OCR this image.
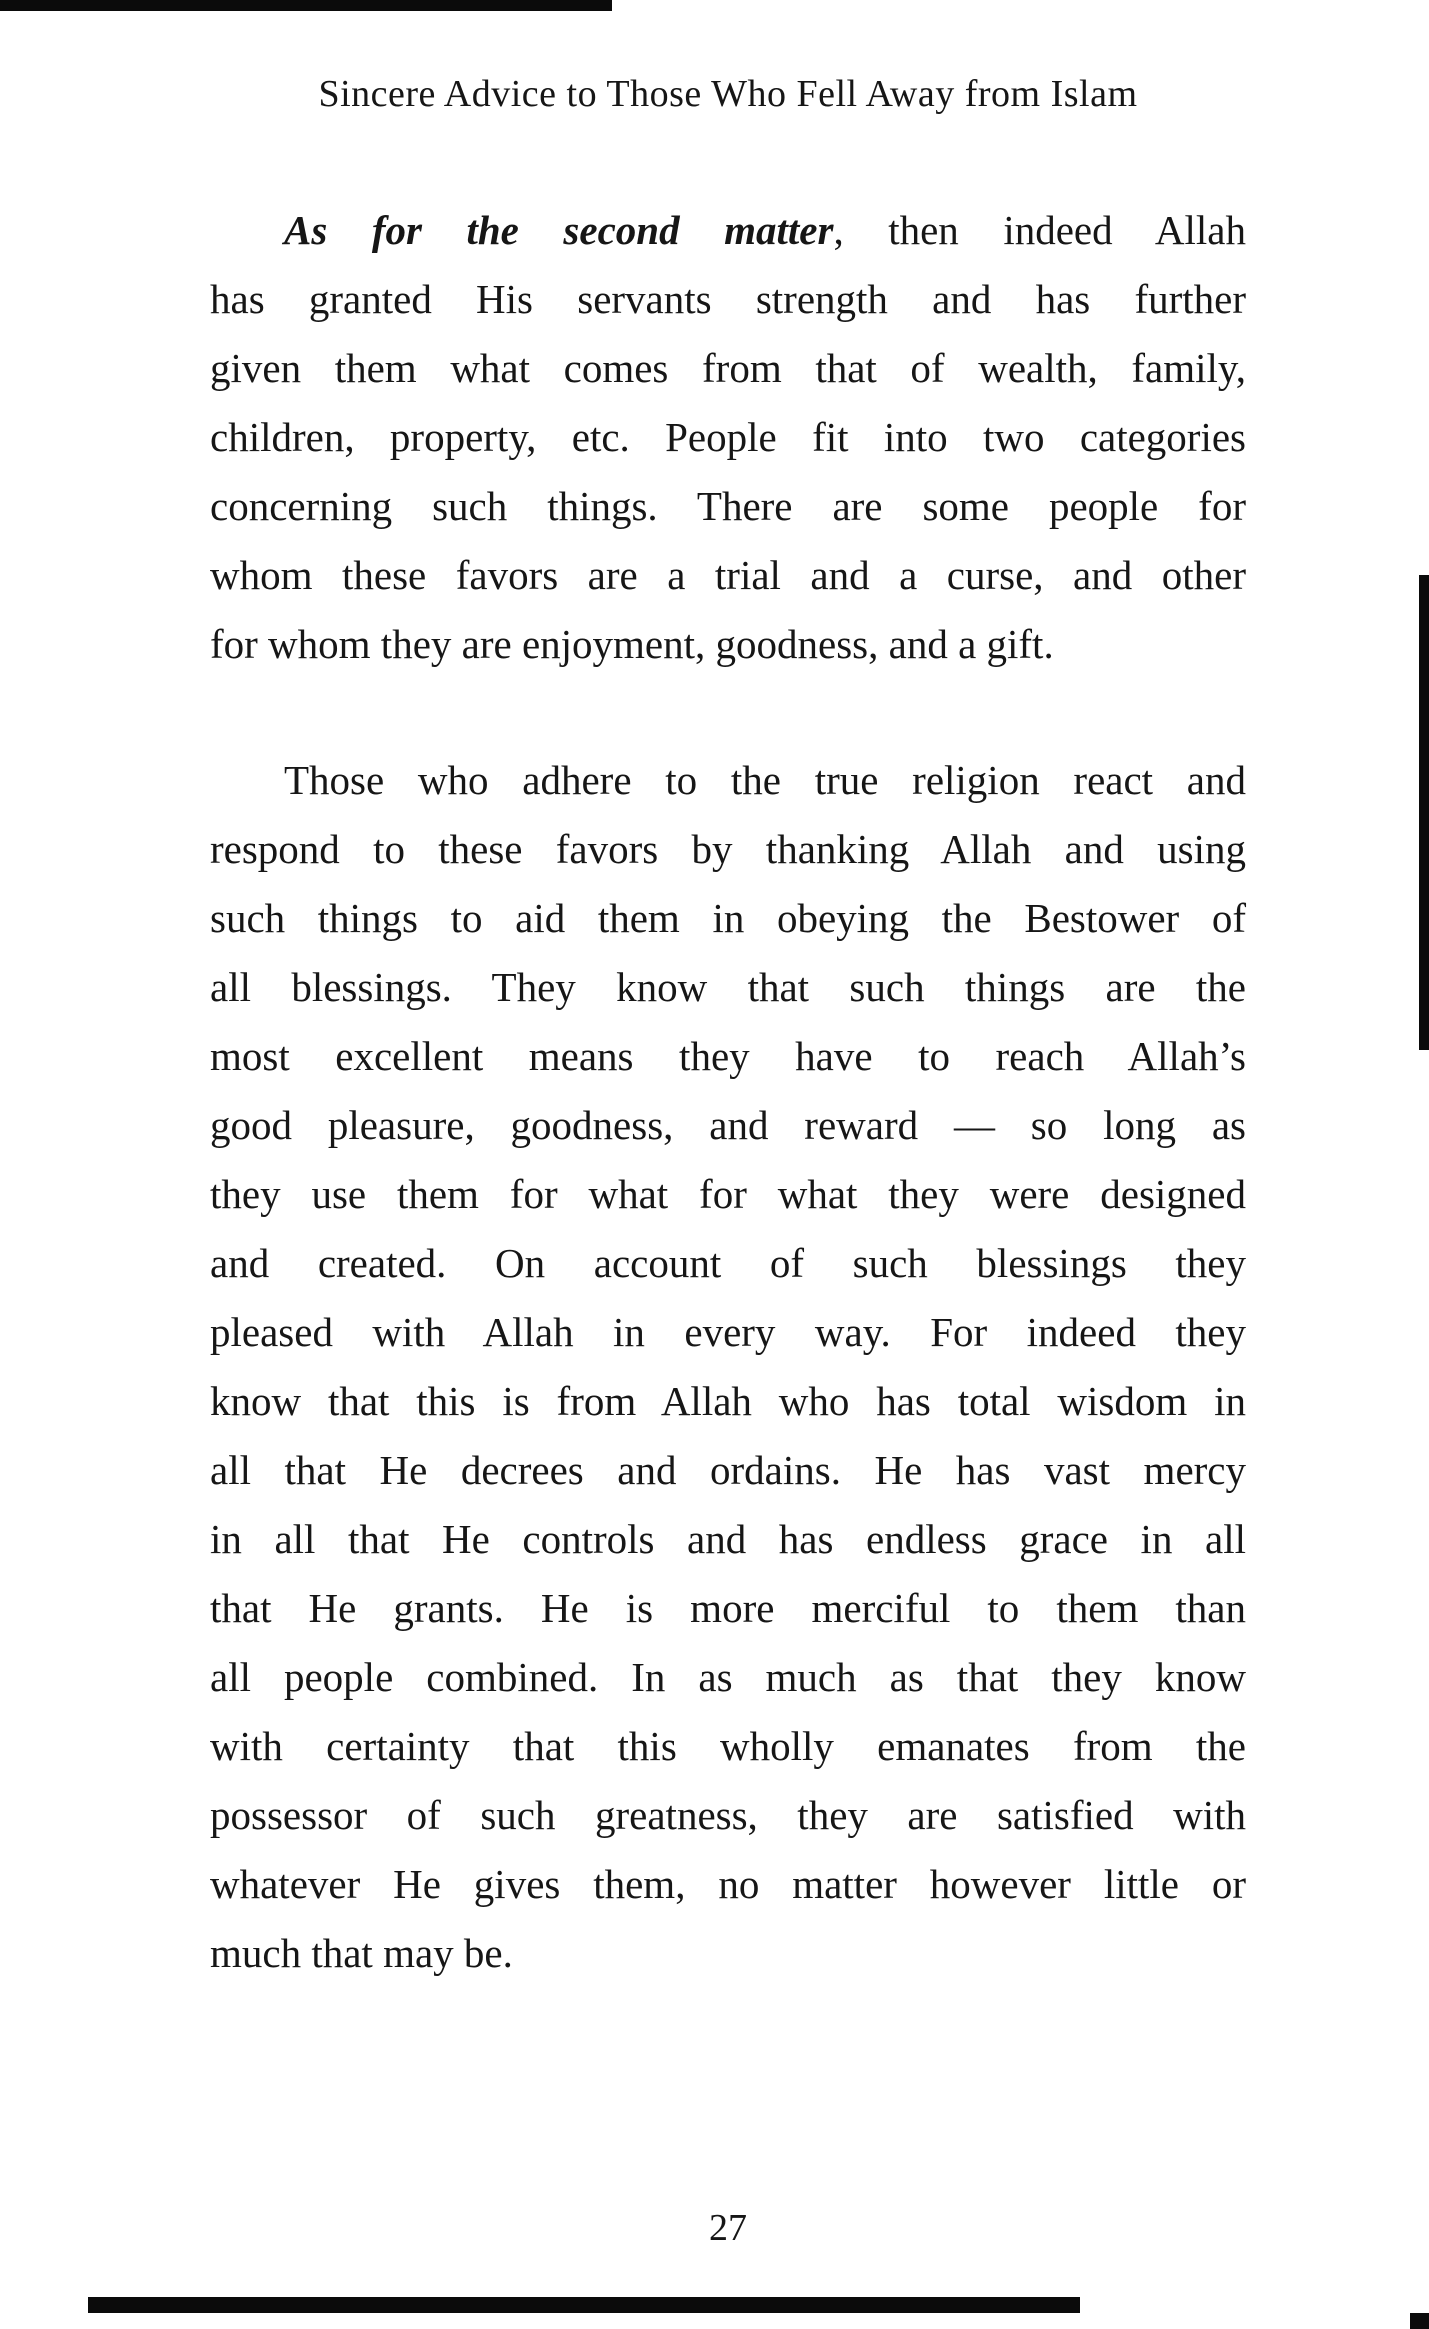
Sincere Advice to Those Who Fell Away from Islam
As for the second matter, then indeed Allah
has granted His servants strength and has further
given them what comes from that of wealth, family,
children, property, etc. People fit into two categories
concerning such things. There are some people for
whom these favors are a trial and a curse, and other
for whom they are enjoyment, goodness, and a gift.
Those who adhere to the true religion react and
respond to these favors by thanking Allah and using
such things to aid them in obeying the Bestower of
all blessings. They know that such things are the
most excellent means they have to reach Allah’s
good pleasure, goodness, and reward — so long as
they use them for what for what they were designed
and created. On account of such blessings they
pleased with Allah in every way. For indeed they
know that this is from Allah who has total wisdom in
all that He decrees and ordains. He has vast mercy
in all that He controls and has endless grace in all
that He grants. He is more merciful to them than
all people combined. In as much as that they know
with certainty that this wholly emanates from the
possessor of such greatness, they are satisfied with
whatever He gives them, no matter however little or
much that may be.
27
